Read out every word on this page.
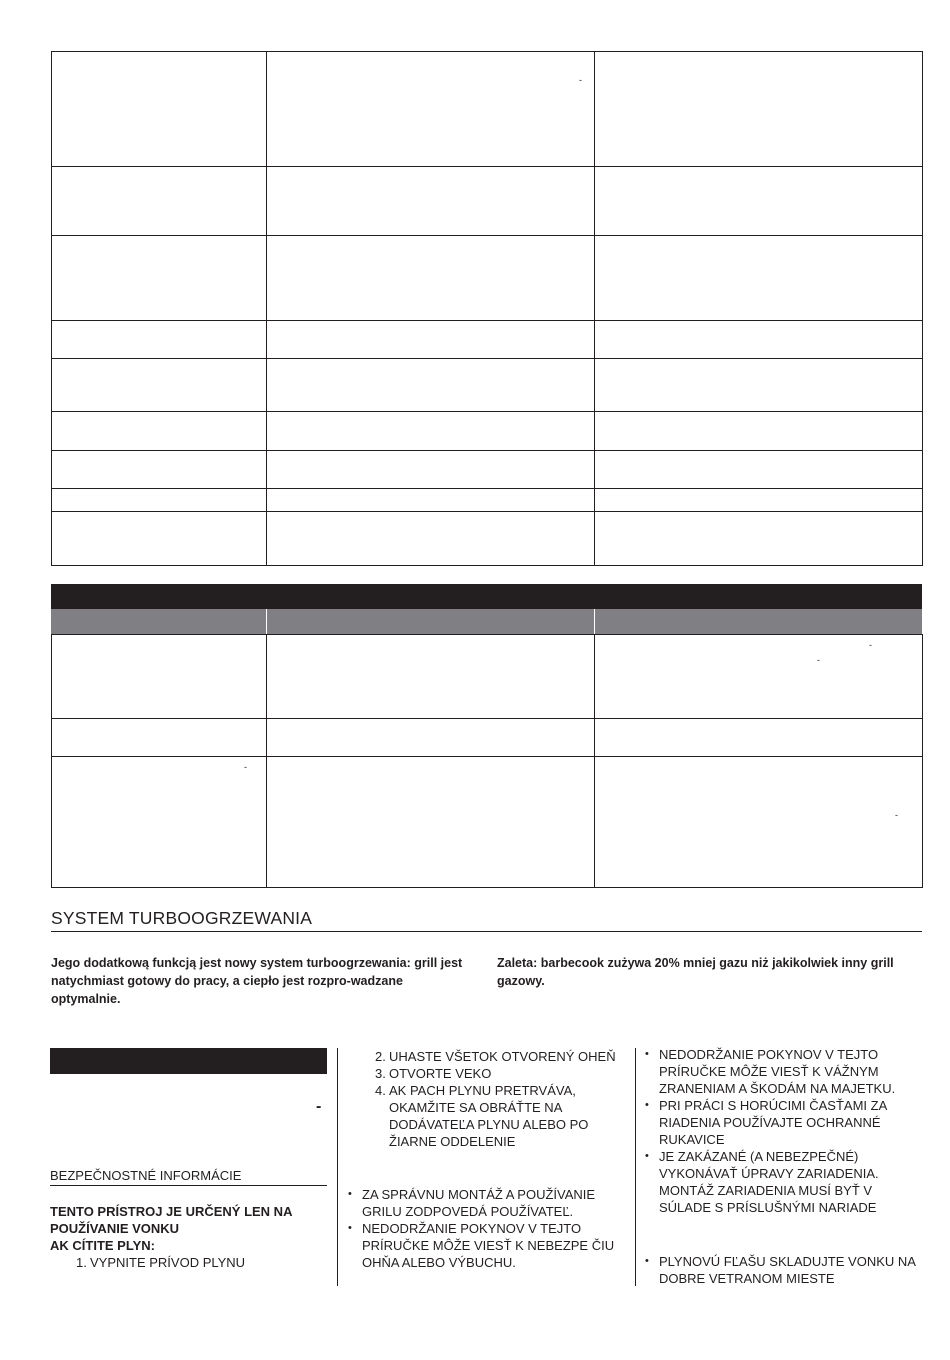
	-	

		-
-

-		-
SYSTEM TURBOOGRZEWANIA
Jego dodatkową funkcją jest nowy system turboogrzewania: grill jest natychmiast gotowy do pracy, a ciepło jest rozpro-wadzane optymalnie.
Zaleta: barbecook zużywa 20% mniej gazu niż jakikolwiek inny grill gazowy.
-
BEZPEČNOSTNÉ INFORMÁCIE
TENTO PRÍSTROJ JE URČENÝ LEN NA
POUŽÍVANIE VONKU
AK CÍTITE PLYN:
1. VYPNITE PRÍVOD PLYNU
2. UHASTE VŠETOK OTVORENÝ OHEŇ
3. OTVORTE VEKO
4. AK PACH PLYNU PRETRVÁVA, OKAMŽITE SA OBRÁŤTE NA DODÁVATEĽA PLYNU ALEBO PO ŽIARNE ODDELENIE
• ZA SPRÁVNU MONTÁŽ A POUŽÍVANIE GRILU ZODPOVEDÁ POUŽÍVATEĽ.
• NEDODRŽANIE POKYNOV V TEJTO PRÍRUČKE MÔŽE VIESŤ K NEBEZPE ČIU OHŇA ALEBO VÝBUCHU.
• NEDODRŽANIE POKYNOV V TEJTO PRÍRUČKE MÔŽE VIESŤ K VÁŽNYM ZRANENIAM A ŠKODÁM NA MAJETKU.
• PRI PRÁCI S HORÚCIMI ČASŤAMI ZA RIADENIA POUŽÍVAJTE OCHRANNÉ RUKAVICE
• JE ZAKÁZANÉ (A NEBEZPEČNÉ) VYKONÁVAŤ ÚPRAVY ZARIADENIA. MONTÁŽ ZARIADENIA MUSÍ BYŤ V SÚLADE S PRÍSLUŠNÝMI NARIADE
• PLYNOVÚ FĽAŠU SKLADUJTE VONKU NA DOBRE VETRANOM MIESTE
